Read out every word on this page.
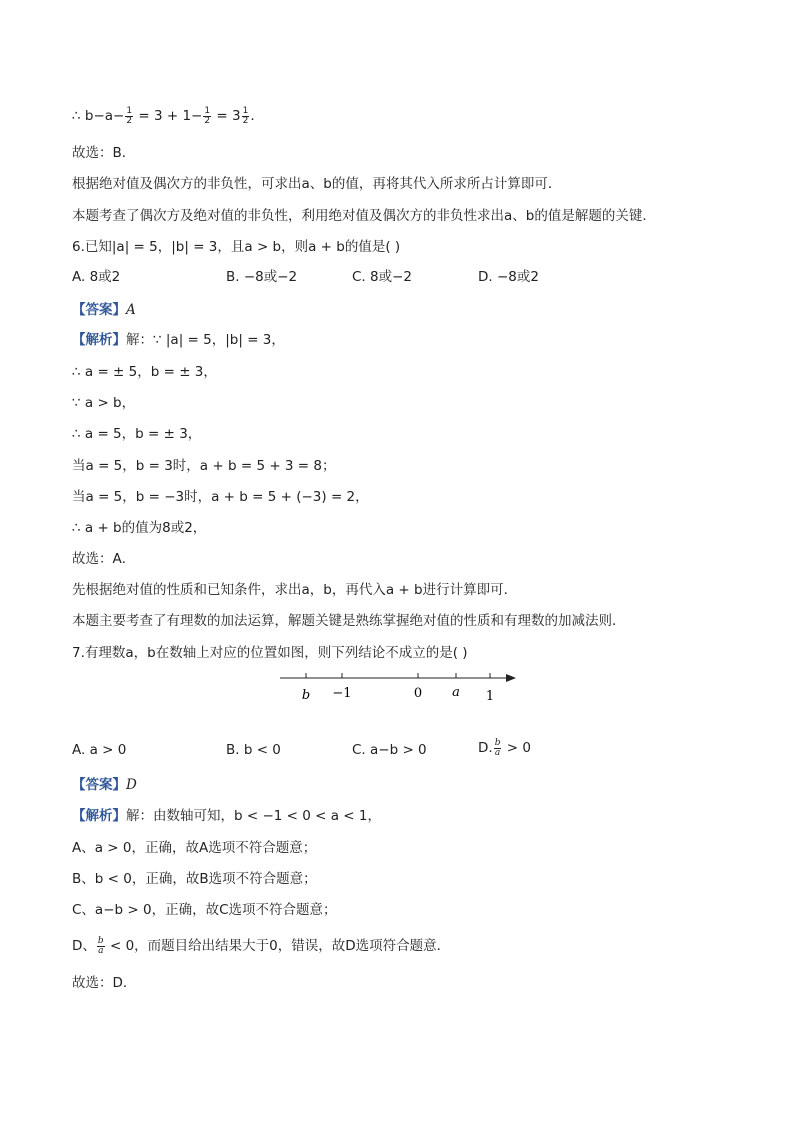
∴ $b-a- \frac{1}{2} = 3 + 1- \frac{1}{2} = 3 \frac{1}{2}$ .
故选：B．
根据绝对值及偶次方的非负性，可求出a、b的值，再将其代入所求所占计算即可．
本题考查了偶次方及绝对值的非负性，利用绝对值及偶次方的非负性求出a、b的值是解题的关键．
6.已知|a| = 5，|b| = 3，且a > b，则a + b的值是( )
A. 8或2	B. −8或−2	C. 8或−2	D. −8或2
【答案】A
【解析】解：∵ |a| = 5，|b| = 3，
∴ a = ± 5，b = ± 3，
∵ a > b，
∴ a = 5，b = ± 3，
当a = 5，b = 3时，a + b = 5 + 3 = 8；
当a = 5，b = −3时，a + b = 5 + (−3) = 2，
∴ a + b的值为8或2，
故选：A．
先根据绝对值的性质和已知条件，求出a，b，再代入a + b进行计算即可．
本题主要考查了有理数的加法运算，解题关键是熟练掌握绝对值的性质和有理数的加减法则．
7.有理数a，b在数轴上对应的位置如图，则下列结论不成立的是( )
b −1	0 a 1
A. a > 0	B. b < 0	C. a−b > 0	D. $\frac{b}{a} > 0$
【答案】D
【解析】解：由数轴可知，b < −1 < 0 < a < 1，
A、a > 0，正确，故A选项不符合题意；
B、b < 0，正确，故B选项不符合题意；
C、a−b > 0，正确，故C选项不符合题意；
D、 $\frac{b}{a} < 0$，而题目给出结果大于0，错误，故D选项符合题意．
故选：D．
